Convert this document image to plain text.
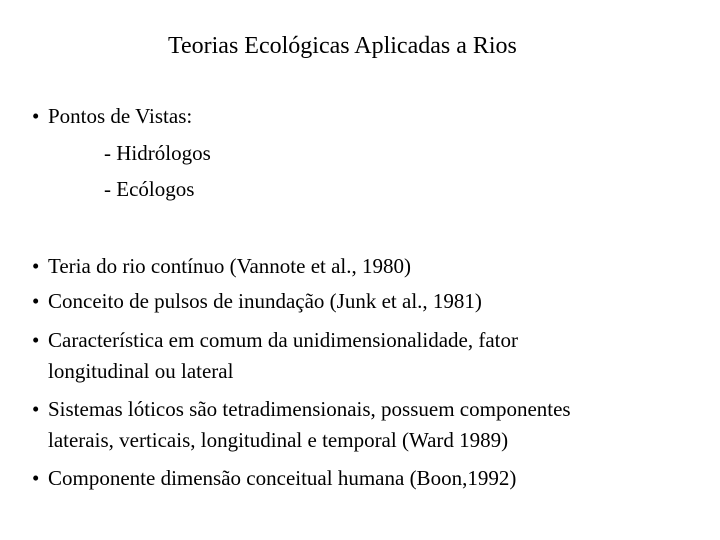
Teorias Ecológicas Aplicadas a Rios
• Pontos de Vistas:
- Hidrólogos
- Ecólogos
• Teria do rio contínuo (Vannote et al., 1980)
• Conceito de pulsos de inundação (Junk et al., 1981)
• Característica em comum da unidimensionalidade, fator
longitudinal ou lateral
• Sistemas lóticos são tetradimensionais, possuem componentes
laterais, verticais, longitudinal e temporal (Ward 1989)
• Componente dimensão conceitual humana (Boon,1992)
